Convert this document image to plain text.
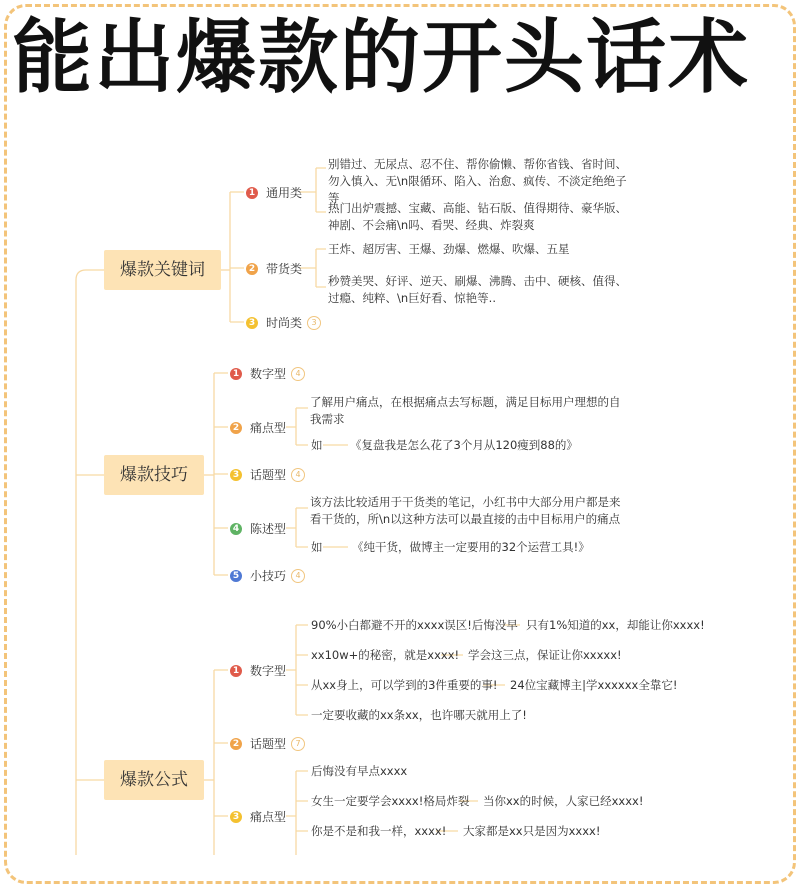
能出爆款的开头话术
爆款关键词
1 通用类
别错过、无尿点、忍不住、帮你偷懒、帮你省钱、省时间、勿入慎入、无\n限循环、陷入、治愈、疯传、不淡定绝绝子等
热门出炉震撼、宝藏、高能、钻石版、值得期待、豪华版、神剧、不会痛\n吗、看哭、经典、炸裂爽
2 带货类
王炸、超厉害、王爆、劲爆、燃爆、吹爆、五星
秒赞美哭、好评、逆天、刷爆、沸腾、击中、硬核、值得、过瘾、纯粹、\n巨好看、惊艳等..
3 时尚类	3
爆款技巧
1 数字型	4
2 痛点型
了解用户痛点，在根据痛点去写标题，满足目标用户理想的自我需求
如 《复盘我是怎么花了3个月从120瘦到88的》
3 话题型	4
4 陈述型
该方法比较适用于干货类的笔记，小红书中大部分用户都是来看干货的，所\n以这种方法可以最直接的击中目标用户的痛点
如	《纯干货，做博主一定要用的32个运营工具!》
5 小技巧	4
爆款公式
1 数字型
90%小白都避不开的xxxx误区!后悔没早 只有1%知道的xx，却能让你xxxx!
xx10w+的秘密，就是xxxx! 学会这三点，保证让你xxxxx!
从xx身上，可以学到的3件重要的事! 24位宝藏博主|学xxxxxx全靠它!
一定要收藏的xx条xx，也许哪天就用上了!
2 话题型	7
3 痛点型
后悔没有早点xxxx
女生一定要学会xxxx!格局炸裂 当你xx的时候，人家已经xxxx!
你是不是和我一样，xxxx! 大家都是xx只是因为xxxx!
